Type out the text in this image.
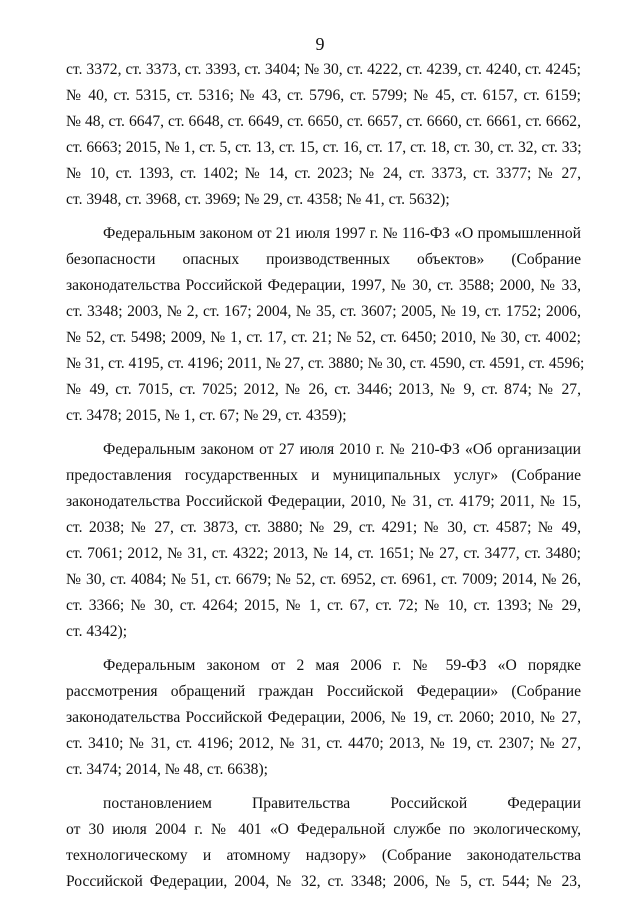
9
ст. 3372, ст. 3373, ст. 3393, ст. 3404; № 30, ст. 4222, ст. 4239, ст. 4240, ст. 4245;
№ 40, ст. 5315, ст. 5316; № 43, ст. 5796, ст. 5799; № 45, ст. 6157, ст. 6159;
№ 48, ст. 6647, ст. 6648, ст. 6649, ст. 6650, ст. 6657, ст. 6660, ст. 6661, ст. 6662,
ст. 6663; 2015, № 1, ст. 5, ст. 13, ст. 15, ст. 16, ст. 17, ст. 18, ст. 30, ст. 32, ст. 33;
№ 10, ст. 1393, ст. 1402; № 14, ст. 2023; № 24, ст. 3373, ст. 3377; № 27,
ст. 3948, ст. 3968, ст. 3969; № 29, ст. 4358; № 41, ст. 5632);
Федеральным законом от 21 июля 1997 г. № 116-ФЗ «О промышленной
безопасности опасных производственных объектов» (Собрание
законодательства Российской Федерации, 1997, № 30, ст. 3588; 2000, № 33,
ст. 3348; 2003, № 2, ст. 167; 2004, № 35, ст. 3607; 2005, № 19, ст. 1752; 2006,
№ 52, ст. 5498; 2009, № 1, ст. 17, ст. 21; № 52, ст. 6450; 2010, № 30, ст. 4002;
№ 31, ст. 4195, ст. 4196; 2011, № 27, ст. 3880; № 30, ст. 4590, ст. 4591, ст. 4596;
№ 49, ст. 7015, ст. 7025; 2012, № 26, ст. 3446; 2013, № 9, ст. 874; № 27,
ст. 3478; 2015, № 1, ст. 67; № 29, ст. 4359);
Федеральным законом от 27 июля 2010 г. № 210-ФЗ «Об организации
предоставления государственных и муниципальных услуг» (Собрание
законодательства Российской Федерации, 2010, № 31, ст. 4179; 2011, № 15,
ст. 2038; № 27, ст. 3873, ст. 3880; № 29, ст. 4291; № 30, ст. 4587; № 49,
ст. 7061; 2012, № 31, ст. 4322; 2013, № 14, ст. 1651; № 27, ст. 3477, ст. 3480;
№ 30, ст. 4084; № 51, ст. 6679; № 52, ст. 6952, ст. 6961, ст. 7009; 2014, № 26,
ст. 3366; № 30, ст. 4264; 2015, № 1, ст. 67, ст. 72; № 10, ст. 1393; № 29,
ст. 4342);
Федеральным законом от 2 мая 2006 г. № 59-ФЗ «О порядке
рассмотрения обращений граждан Российской Федерации» (Собрание
законодательства Российской Федерации, 2006, № 19, ст. 2060; 2010, № 27,
ст. 3410; № 31, ст. 4196; 2012, № 31, ст. 4470; 2013, № 19, ст. 2307; № 27,
ст. 3474; 2014, № 48, ст. 6638);
постановлением Правительства Российской Федерации
от 30 июля 2004 г. № 401 «О Федеральной службе по экологическому,
технологическому и атомному надзору» (Собрание законодательства
Российской Федерации, 2004, № 32, ст. 3348; 2006, № 5, ст. 544; № 23,
